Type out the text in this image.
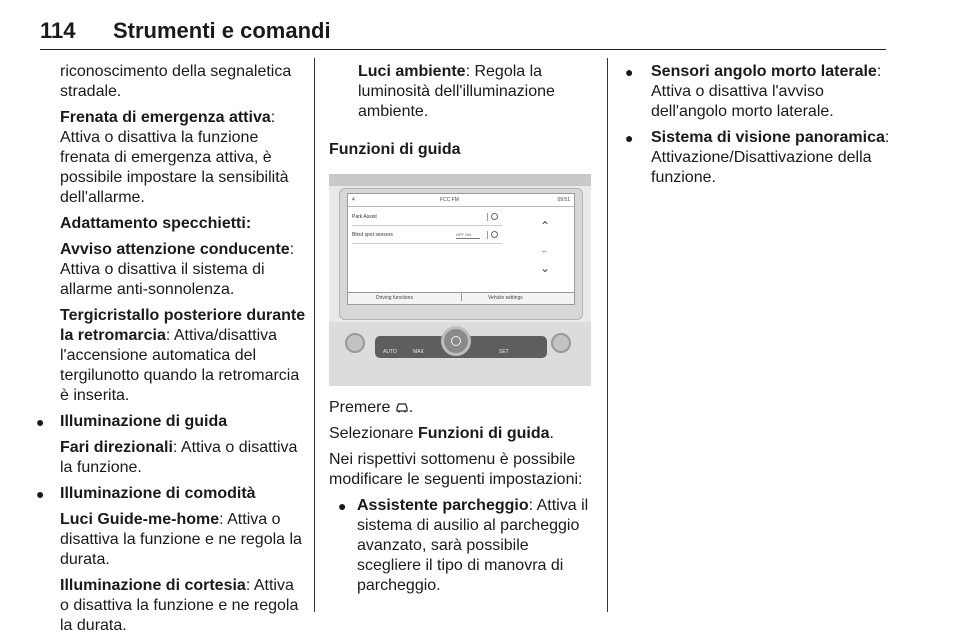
114 Strumenti e comandi

riconoscimento della segnaletica stradale.

Frenata di emergenza attiva: Attiva o disattiva la funzione frenata di emergenza attiva, è possibile impostare la sensibilità dell'allarme.

Adattamento specchietti:

Avviso attenzione conducente: Attiva o disattiva il sistema di allarme anti-sonnolenza.

Tergicristallo posteriore durante la retromarcia: Attiva/disattiva l'accensione automatica del tergilunotto quando la retromarcia è inserita.

● Illuminazione di guida

Fari direzionali: Attiva o disattiva la funzione.

● Illuminazione di comodità

Luci Guide-me-home: Attiva o disattiva la funzione e ne regola la durata.

Illuminazione di cortesia: Attiva o disattiva la funzione e ne regola la durata.

Luci ambiente: Regola la luminosità dell'illuminazione ambiente.

Funzioni di guida

4	FCC FM	09:51
Park Assist
Blind spot sensors	OFF ON
⌃
–
⌄
Driving functions	Vehicle settings
AUTO	MAX	SET

Premere .

Selezionare Funzioni di guida.

Nei rispettivi sottomenu è possibile modificare le seguenti impostazioni:

● Assistente parcheggio: Attiva il sistema di ausilio al parcheggio avanzato, sarà possibile scegliere il tipo di manovra di parcheggio.

● Sensori angolo morto laterale: Attiva o disattiva l'avviso dell'angolo morto laterale.

● Sistema di visione panoramica: Attivazione/Disattivazione della funzione.
